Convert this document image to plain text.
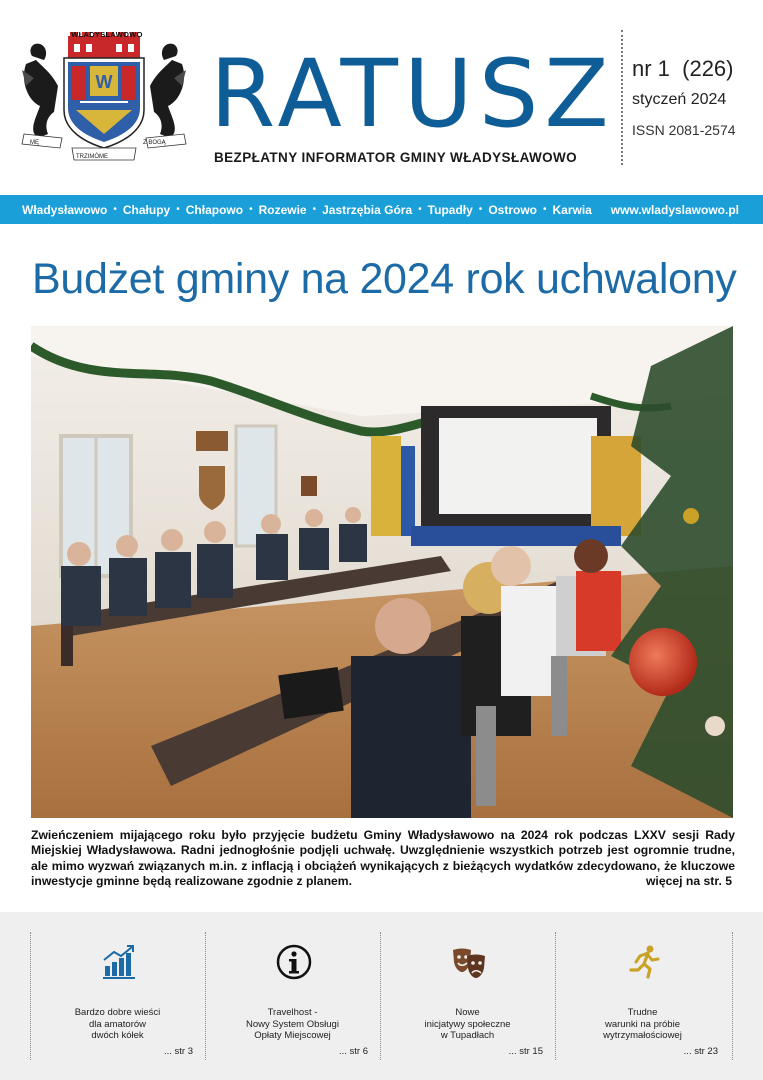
W
WŁADYSŁAWOWO
MĘ
TRZIMÓME
Z BOGĄ RATUSZ
BEZPŁATNY INFORMATOR GMINY WŁADYSŁAWOWO
nr 1  (226)
styczeń 2024
ISSN 2081-2574
Władysławowo • Chałupy • Chłapowo • Rozewie • Jastrzębia Góra • Tupadły • Ostrowo • Karwia www.wladyslawowo.pl
Budżet gminy na 2024 rok uchwalony

Zwieńczeniem mijającego roku było przyjęcie budżetu Gminy Władysławowo na 2024 rok podczas LXXV sesji Rady Miejskiej Władysławowa. Radni jednogłośnie podjęli uchwałę. Uwzględnienie wszystkich potrzeb jest ogromnie trudne, ale mimo wyzwań związanych m.in. z inflacją i obciążeń wynikających z bieżących wydatków zdecydowano, że kluczowe inwestycje gminne będą realizowane zgodnie z planem.	więcej na str. 5
Bardzo dobre wieści
dla amatorów
dwóch kółek
... str 3
Travelhost -
Nowy System Obsługi
Opłaty Miejscowej
... str 6
Nowe
inicjatywy społeczne
w Tupadłach
... str 15
Trudne
warunki na próbie
wytrzymałościowej
... str 23
